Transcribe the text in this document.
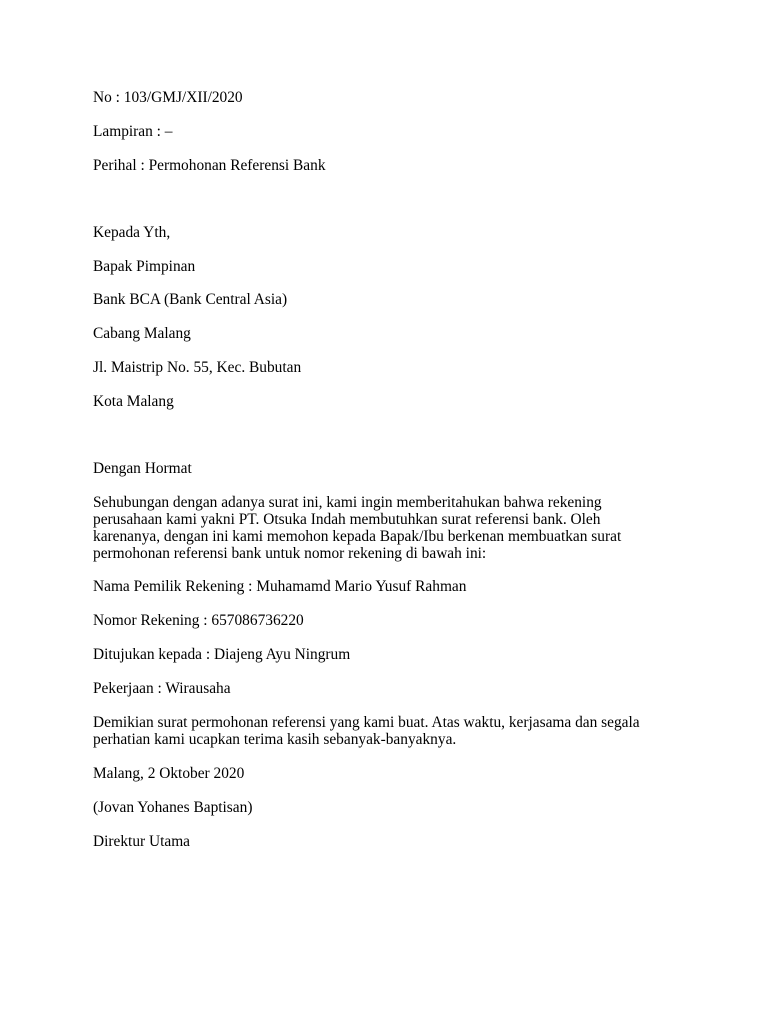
No : 103/GMJ/XII/2020

Lampiran : –

Perihal : Permohonan Referensi Bank

Kepada Yth,

Bapak Pimpinan

Bank BCA (Bank Central Asia)

Cabang Malang

Jl. Maistrip No. 55, Kec. Bubutan

Kota Malang

Dengan Hormat

Sehubungan dengan adanya surat ini, kami ingin memberitahukan bahwa rekening

perusahaan kami yakni PT. Otsuka Indah membutuhkan surat referensi bank. Oleh

karenanya, dengan ini kami memohon kepada Bapak/Ibu berkenan membuatkan surat

permohonan referensi bank untuk nomor rekening di bawah ini:

Nama Pemilik Rekening : Muhamamd Mario Yusuf Rahman

Nomor Rekening : 657086736220

Ditujukan kepada : Diajeng Ayu Ningrum

Pekerjaan : Wirausaha

Demikian surat permohonan referensi yang kami buat. Atas waktu, kerjasama dan segala

perhatian kami ucapkan terima kasih sebanyak-banyaknya.

Malang, 2 Oktober 2020

(Jovan Yohanes Baptisan)

Direktur Utama
